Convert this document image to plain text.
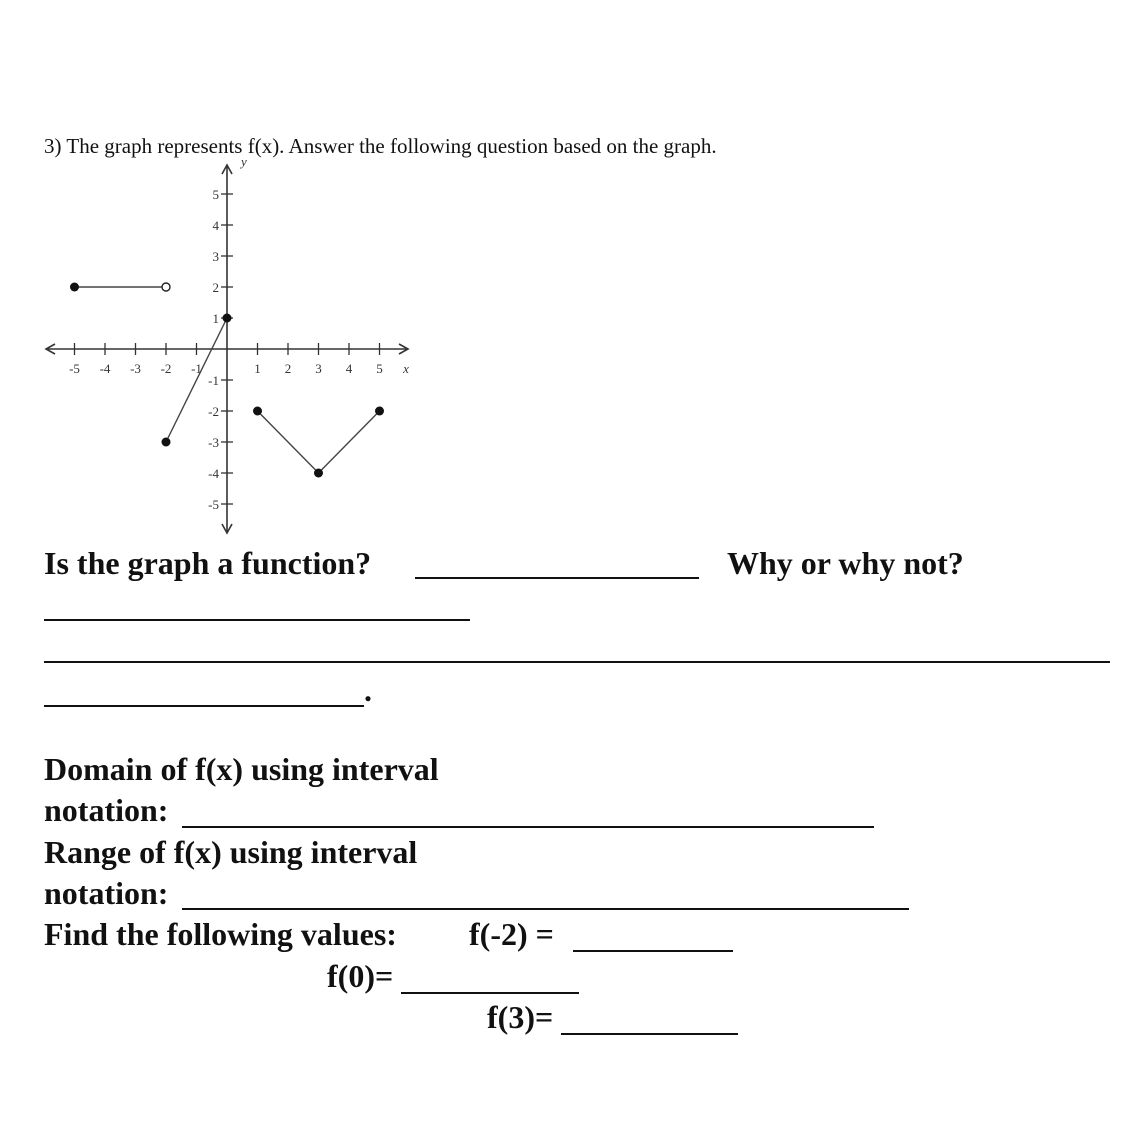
3) The graph represents f(x). Answer the following question based on the graph.
-5 -4 -3 -2 -1	1 2 3 4 5
5
4
3
2
1
-1
-2
-3
-4
-5
x
y
Is the graph a function?	Why or why not?
.
Domain of f(x) using interval
notation:
Range of f(x) using interval
notation:
Find the following values: f(-2) =
f(0)=
f(3)=
